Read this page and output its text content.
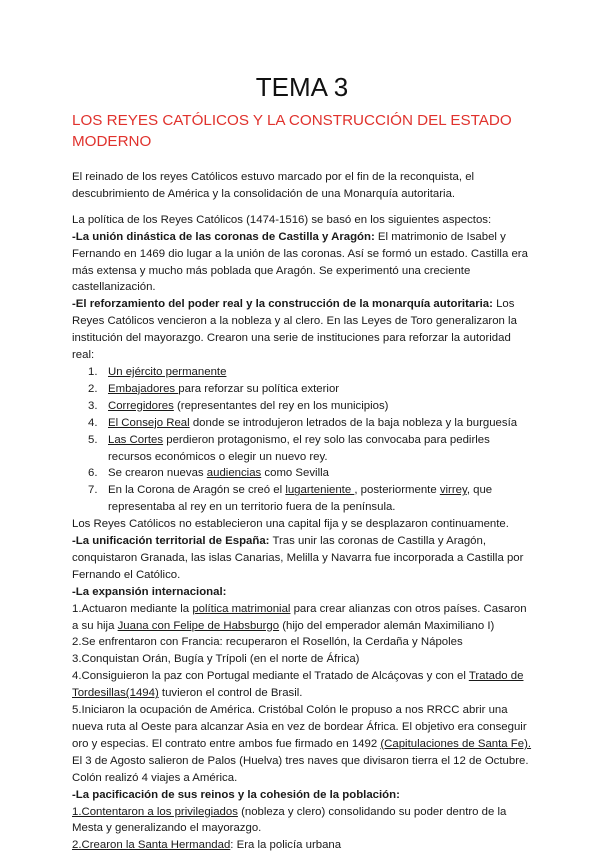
TEMA 3
LOS REYES CATÓLICOS Y LA CONSTRUCCIÓN DEL ESTADO MODERNO

El reinado de los reyes Católicos estuvo marcado por el fin de la reconquista, el descubrimiento de América y la consolidación de una Monarquía autoritaria.

La política de los Reyes Católicos (1474-1516) se basó en los siguientes aspectos:

-La unión dinástica de las coronas de Castilla y Aragón: El matrimonio de Isabel y Fernando en 1469 dio lugar a la unión de las coronas. Así se formó un estado. Castilla era más extensa y mucho más poblada que Aragón. Se experimentó una creciente castellanización.

-El reforzamiento del poder real y la construcción de la monarquía autoritaria: Los Reyes Católicos vencieron a la nobleza y al clero. En las Leyes de Toro generalizaron la institución del mayorazgo. Crearon una serie de instituciones para reforzar la autoridad real:

1. Un ejército permanente
2. Embajadores para reforzar su política exterior
3. Corregidores (representantes del rey en los municipios)
4. El Consejo Real donde se introdujeron letrados de la baja nobleza y la burguesía
5. Las Cortes perdieron protagonismo, el rey solo las convocaba para pedirles recursos económicos o elegir un nuevo rey.
6. Se crearon nuevas audiencias como Sevilla
7. En la Corona de Aragón se creó el lugarteniente , posteriormente virrey, que representaba al rey en un territorio fuera de la península.

Los Reyes Católicos no establecieron una capital fija y se desplazaron continuamente.

-La unificación territorial de España: Tras unir las coronas de Castilla y Aragón, conquistaron Granada, las islas Canarias, Melilla y Navarra fue incorporada a Castilla por Fernando el Católico.

-La expansión internacional:

1.Actuaron mediante la política matrimonial para crear alianzas con otros países. Casaron a su hija Juana con Felipe de Habsburgo (hijo del emperador alemán Maximiliano I)

2.Se enfrentaron con Francia: recuperaron el Rosellón, la Cerdaña y Nápoles

3.Conquistan Orán, Bugía y Trípoli (en el norte de África)

4.Consiguieron la paz con Portugal mediante el Tratado de Alcáçovas y con el Tratado de Tordesillas(1494) tuvieron el control de Brasil.

5.Iniciaron la ocupación de América. Cristóbal Colón le propuso a nos RRCC abrir una nueva ruta al Oeste para alcanzar Asia en vez de bordear África. El objetivo era conseguir oro y especias. El contrato entre ambos fue firmado en 1492 (Capitulaciones de Santa Fe). El 3 de Agosto salieron de Palos (Huelva) tres naves que divisaron tierra el 12 de Octubre. Colón realizó 4 viajes a América.

-La pacificación de sus reinos y la cohesión de la población:

1.Contentaron a los privilegiados (nobleza y clero) consolidando su poder dentro de la Mesta y generalizando el mayorazgo.

2.Crearon la Santa Hermandad: Era la policía urbana
